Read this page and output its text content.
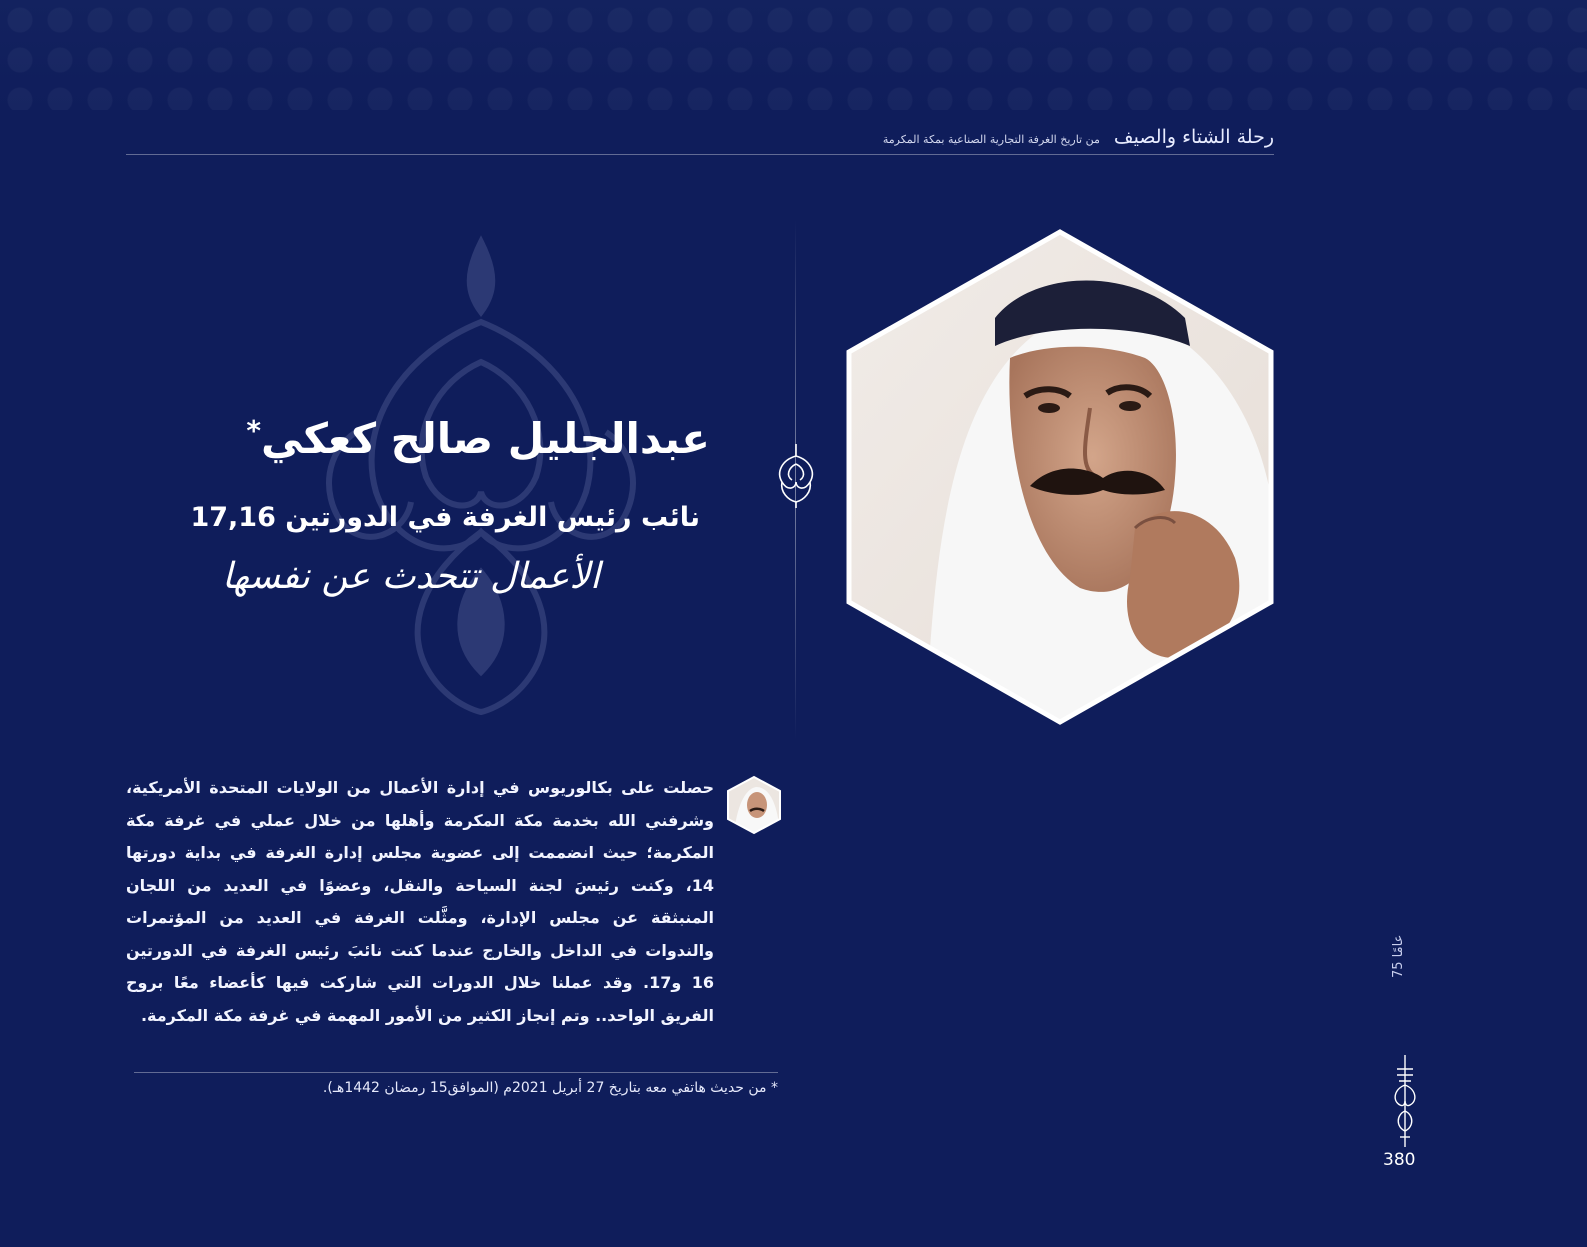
رحلة الشتاء والصيف من تاريخ الغرفة التجارية الصناعية بمكة المكرمة
عبدالجليل صالح كعكي*
نائب رئيس الغرفة في الدورتين 17,16
الأعمال تتحدث عن نفسها
حصلت على بكالوريوس في إدارة الأعمال من الولايات المتحدة الأمريكية، وشرفني الله بخدمة مكة المكرمة وأهلها من خلال عملي في غرفة مكة المكرمة؛ حيث انضممت إلى عضوية مجلس إدارة الغرفة في بداية دورتها 14، وكنت رئيسَ لجنة السياحة والنقل، وعضوًا في العديد من اللجان المنبثقة عن مجلس الإدارة، ومثَّلت الغرفة في العديد من المؤتمرات والندوات في الداخل والخارج عندما كنت نائبَ رئيس الغرفة في الدورتين 16 و17. وقد عملنا خلال الدورات التي شاركت فيها كأعضاء معًا بروح الفريق الواحد.. وتم إنجاز الكثير من الأمور المهمة في غرفة مكة المكرمة.
* من حديث هاتفي معه بتاريخ 27 أبريل 2021م (الموافق15 رمضان 1442هـ).
75 عامًا
380
